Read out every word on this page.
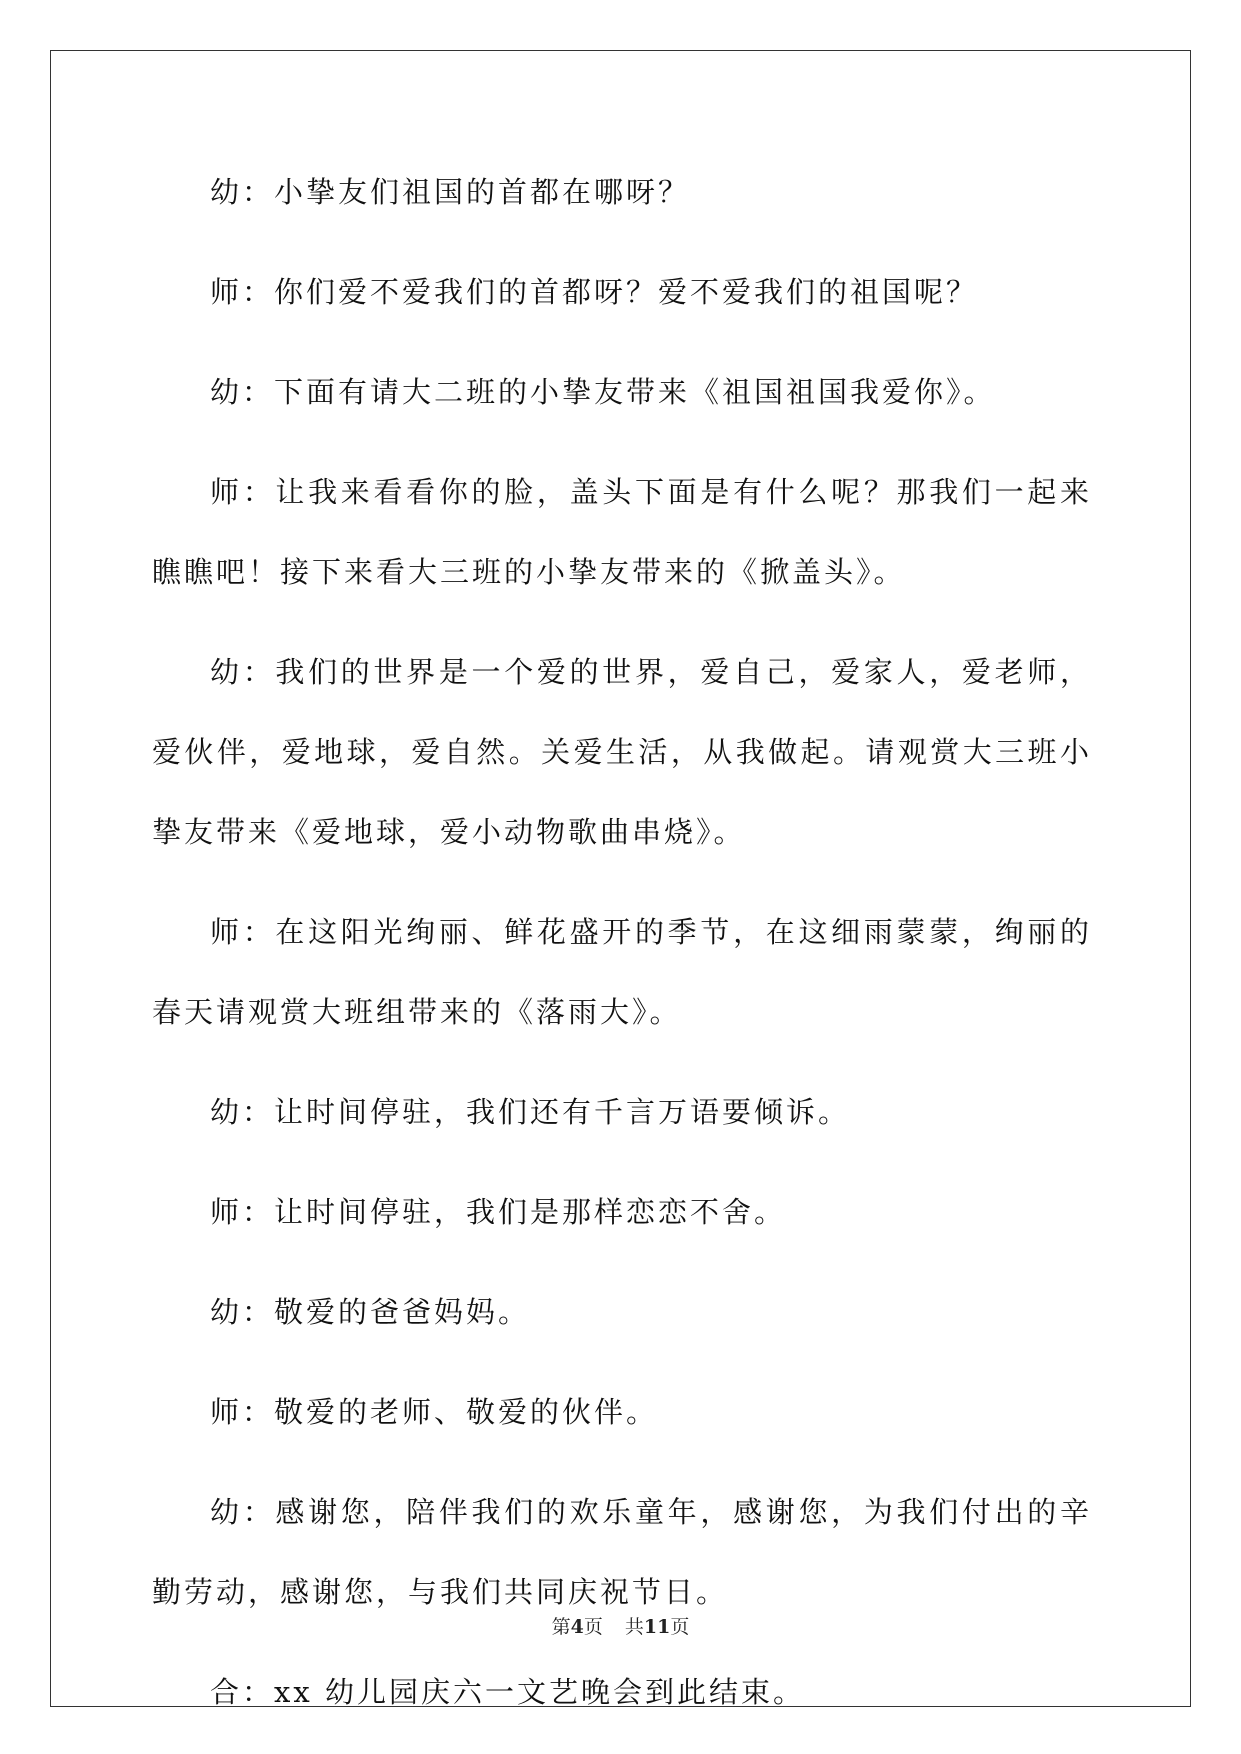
幼：小挚友们祖国的首都在哪呀？

师：你们爱不爱我们的首都呀？爱不爱我们的祖国呢？

幼：下面有请大二班的小挚友带来《祖国祖国我爱你》。

师：让我来看看你的脸，盖头下面是有什么呢？那我们一起来瞧瞧吧！接下来看大三班的小挚友带来的《掀盖头》。

幼：我们的世界是一个爱的世界，爱自己，爱家人，爱老师，爱伙伴，爱地球，爱自然。关爱生活，从我做起。请观赏大三班小挚友带来《爱地球，爱小动物歌曲串烧》。

师：在这阳光绚丽、鲜花盛开的季节，在这细雨蒙蒙，绚丽的春天请观赏大班组带来的《落雨大》。

幼：让时间停驻，我们还有千言万语要倾诉。

师：让时间停驻，我们是那样恋恋不舍。

幼：敬爱的爸爸妈妈。

师：敬爱的老师、敬爱的伙伴。

幼：感谢您，陪伴我们的欢乐童年，感谢您，为我们付出的辛勤劳动，感谢您，与我们共同庆祝节日。

合：xx 幼儿园庆六一文艺晚会到此结束。

第4页 共11页
